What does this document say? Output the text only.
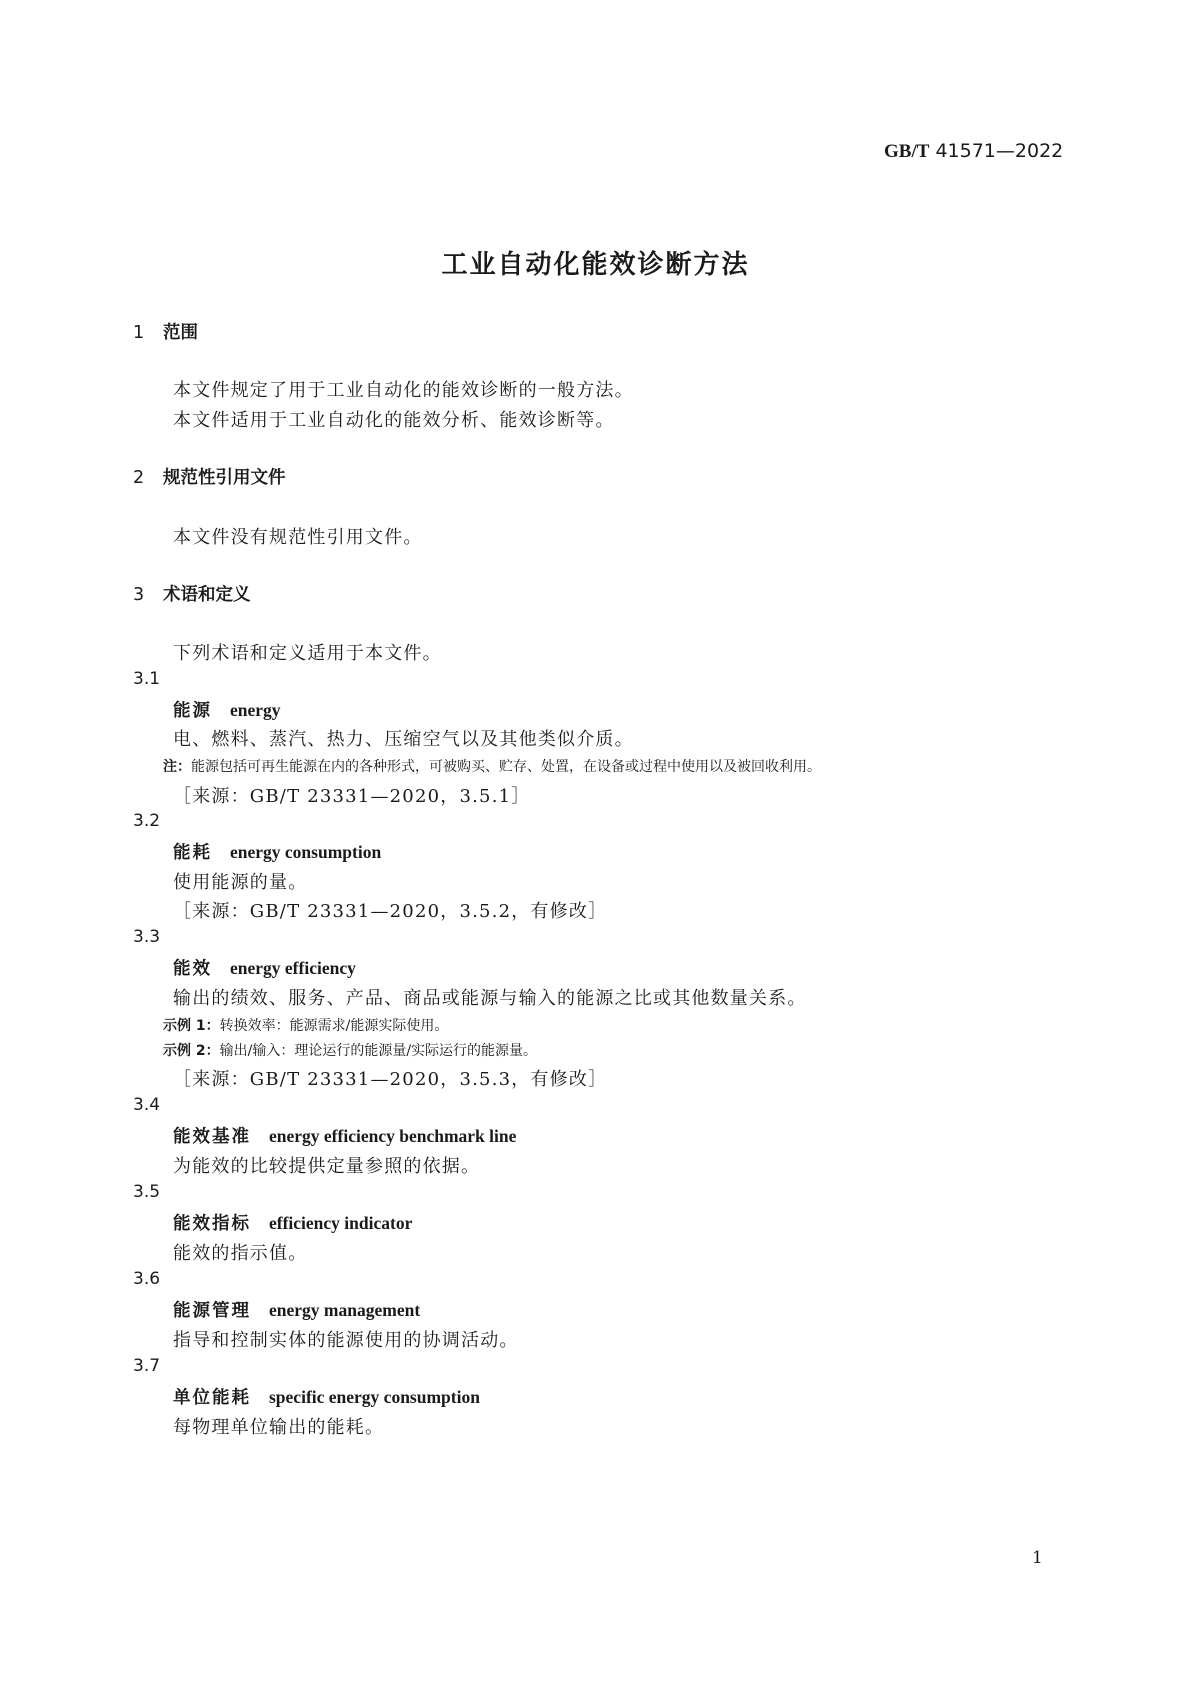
GB/T 41571—2022
工业自动化能效诊断方法
1 范围
本文件规定了用于工业自动化的能效诊断的一般方法。
本文件适用于工业自动化的能效分析、能效诊断等。
2 规范性引用文件
本文件没有规范性引用文件。
3 术语和定义
下列术语和定义适用于本文件。
3.1
能源 energy
电、燃料、蒸汽、热力、压缩空气以及其他类似介质。
注：能源包括可再生能源在内的各种形式，可被购买、贮存、处置，在设备或过程中使用以及被回收利用。
［来源：GB/T 23331—2020，3.5.1］
3.2
能耗 energy consumption
使用能源的量。
［来源：GB/T 23331—2020，3.5.2，有修改］
3.3
能效 energy efficiency
输出的绩效、服务、产品、商品或能源与输入的能源之比或其他数量关系。
示例 1：转换效率：能源需求/能源实际使用。
示例 2：输出/输入：理论运行的能源量/实际运行的能源量。
［来源：GB/T 23331—2020，3.5.3，有修改］
3.4
能效基准 energy efficiency benchmark line
为能效的比较提供定量参照的依据。
3.5
能效指标 efficiency indicator
能效的指示值。
3.6
能源管理 energy management
指导和控制实体的能源使用的协调活动。
3.7
单位能耗 specific energy consumption
每物理单位输出的能耗。
1
